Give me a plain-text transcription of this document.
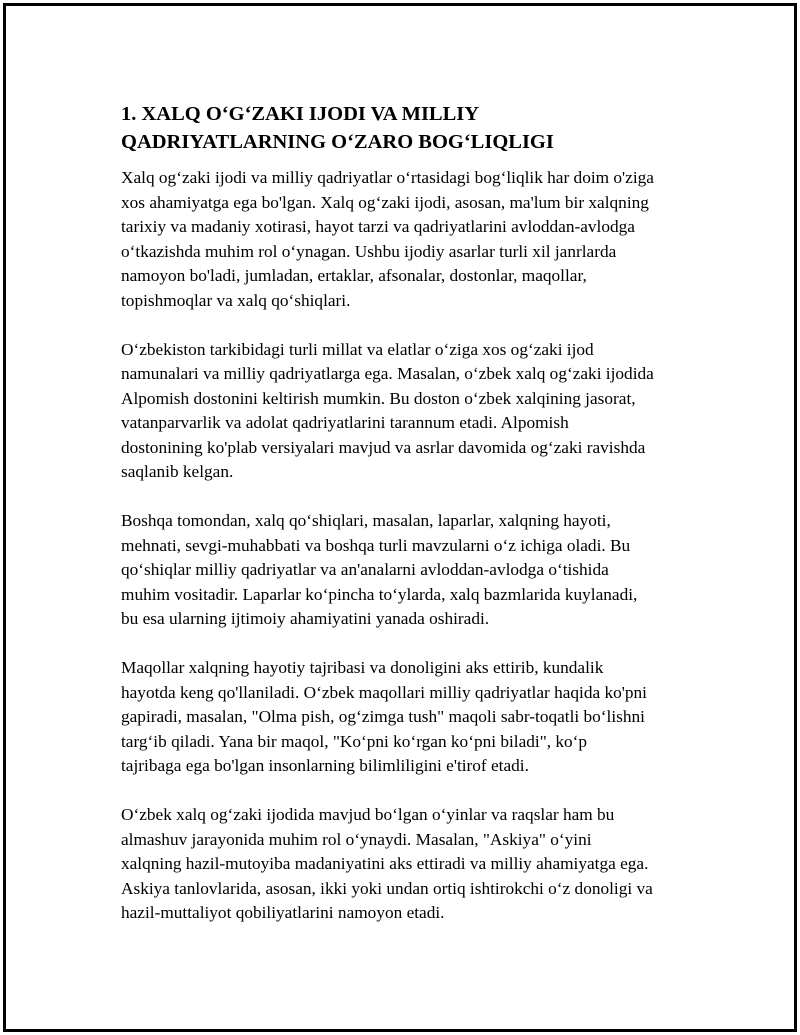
1. XALQ O‘G‘ZAKI IJODI VA MILLIY
QADRIYATLARNING O‘ZARO BOG‘LIQLIGI

Xalq og‘zaki ijodi va milliy qadriyatlar o‘rtasidagi bog‘liqlik har doim o'ziga
xos ahamiyatga ega bo'lgan. Xalq og‘zaki ijodi, asosan, ma'lum bir xalqning
tarixiy va madaniy xotirasi, hayot tarzi va qadriyatlarini avloddan-avlodga
o‘tkazishda muhim rol o‘ynagan. Ushbu ijodiy asarlar turli xil janrlarda
namoyon bo'ladi, jumladan, ertaklar, afsonalar, dostonlar, maqollar,
topishmoqlar va xalq qo‘shiqlari.

O‘zbekiston tarkibidagi turli millat va elatlar o‘ziga xos og‘zaki ijod
namunalari va milliy qadriyatlarga ega. Masalan, o‘zbek xalq og‘zaki ijodida
Alpomish dostonini keltirish mumkin. Bu doston o‘zbek xalqining jasorat,
vatanparvarlik va adolat qadriyatlarini tarannum etadi. Alpomish
dostonining ko'plab versiyalari mavjud va asrlar davomida og‘zaki ravishda
saqlanib kelgan.

Boshqa tomondan, xalq qo‘shiqlari, masalan, laparlar, xalqning hayoti,
mehnati, sevgi-muhabbati va boshqa turli mavzularni o‘z ichiga oladi. Bu
qo‘shiqlar milliy qadriyatlar va an'analarni avloddan-avlodga o‘tishida
muhim vositadir. Laparlar ko‘pincha to‘ylarda, xalq bazmlarida kuylanadi,
bu esa ularning ijtimoiy ahamiyatini yanada oshiradi.

Maqollar xalqning hayotiy tajribasi va donoligini aks ettirib, kundalik
hayotda keng qo'llaniladi. O‘zbek maqollari milliy qadriyatlar haqida ko'pni
gapiradi, masalan, "Olma pish, og‘zimga tush" maqoli sabr-toqatli bo‘lishni
targ‘ib qiladi. Yana bir maqol, "Ko‘pni ko‘rgan ko‘pni biladi", ko‘p
tajribaga ega bo'lgan insonlarning bilimliligini e'tirof etadi.

O‘zbek xalq og‘zaki ijodida mavjud bo‘lgan o‘yinlar va raqslar ham bu
almashuv jarayonida muhim rol o‘ynaydi. Masalan, "Askiya" o‘yini
xalqning hazil-mutoyiba madaniyatini aks ettiradi va milliy ahamiyatga ega.
Askiya tanlovlarida, asosan, ikki yoki undan ortiq ishtirokchi o‘z donoligi va
hazil-muttaliyot qobiliyatlarini namoyon etadi.
